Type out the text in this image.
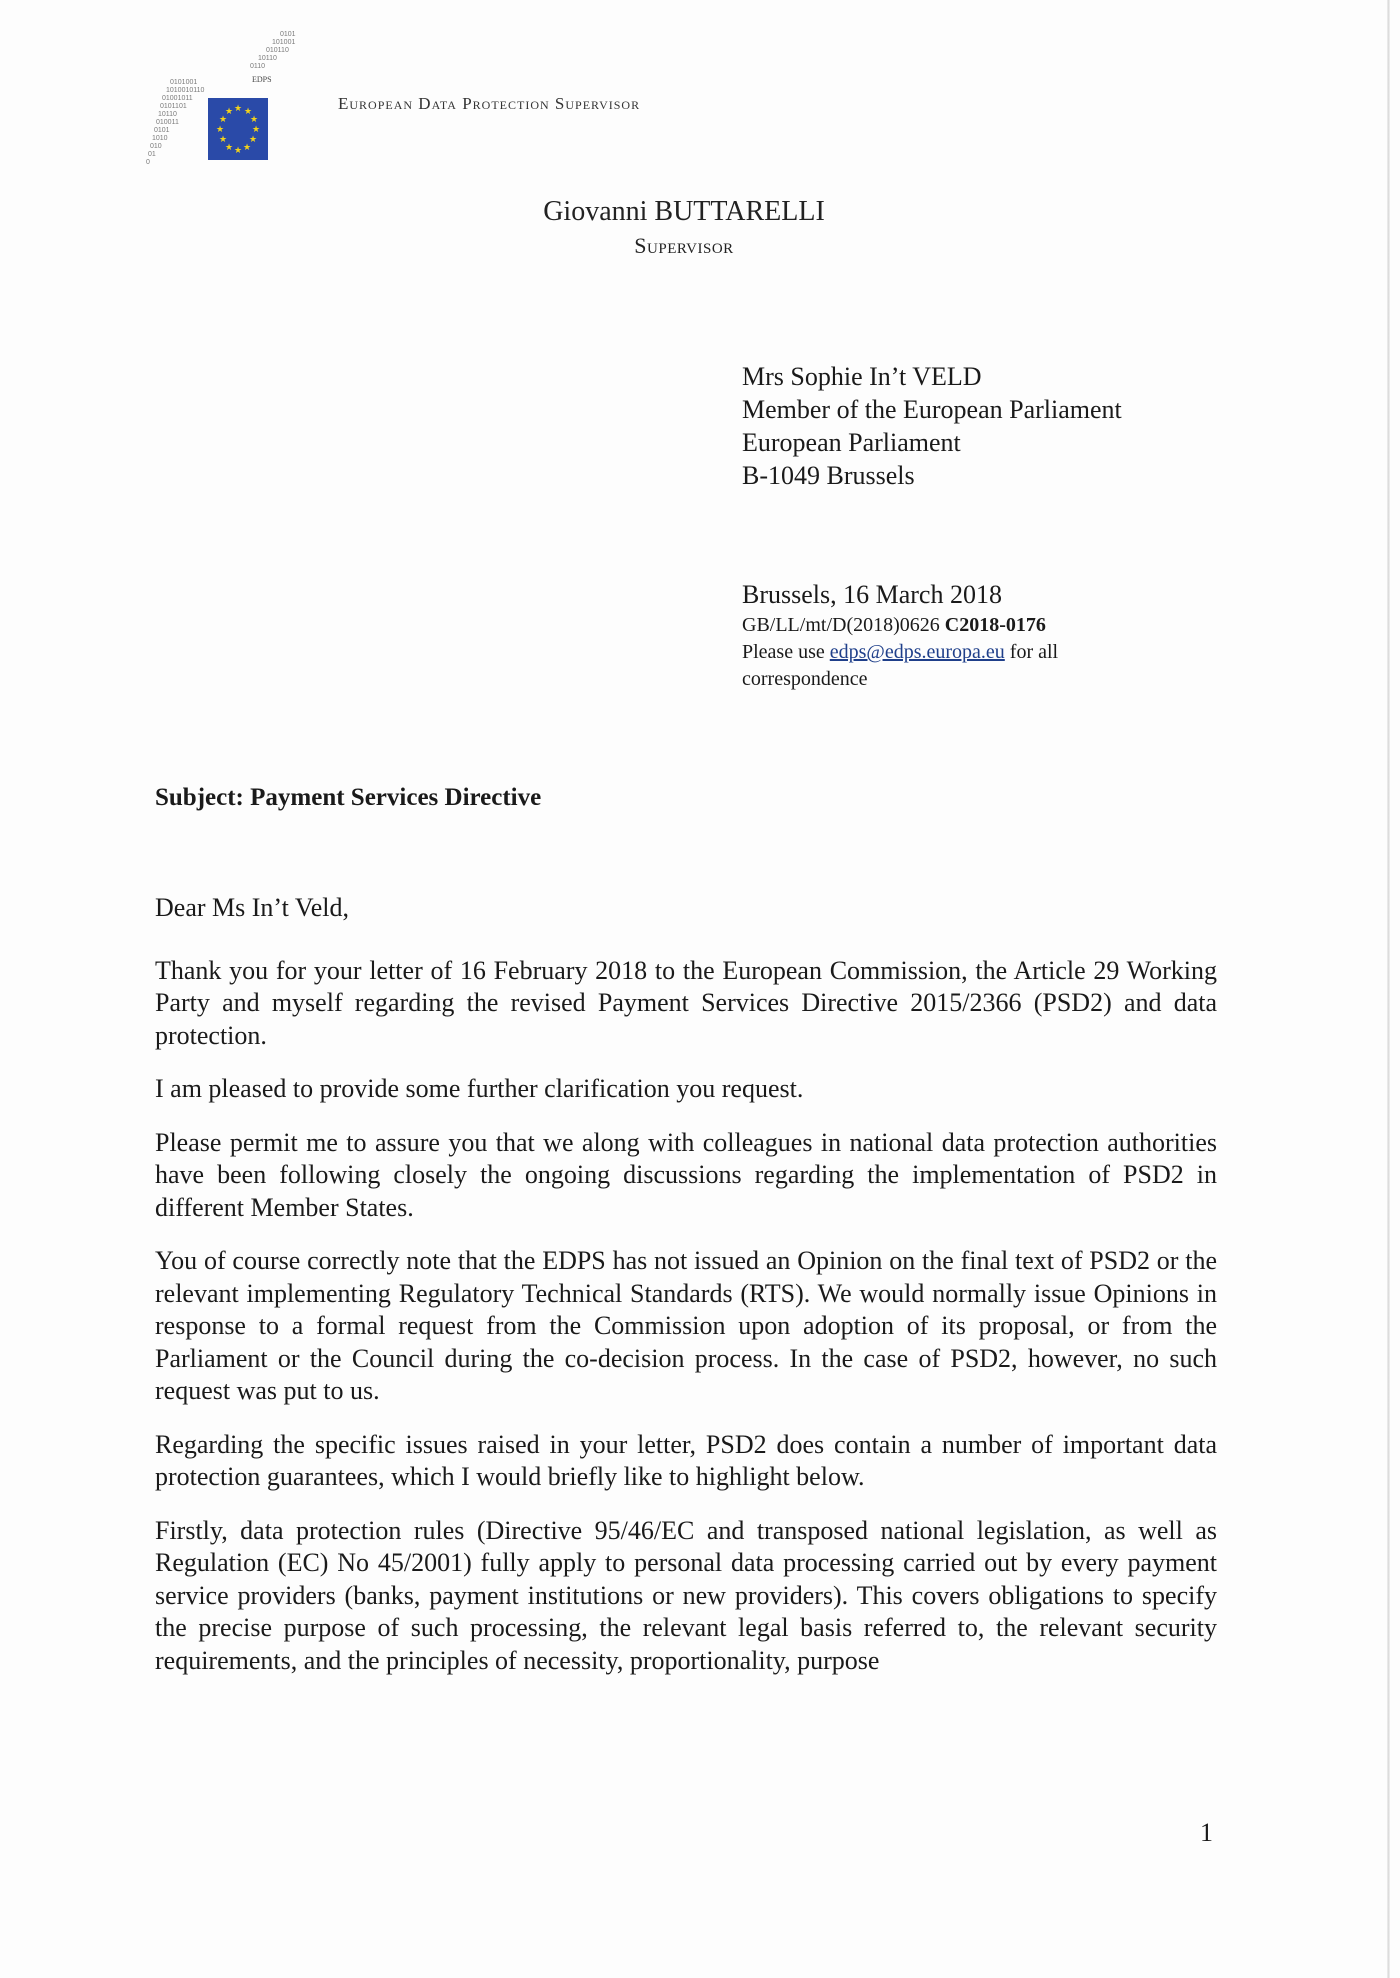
0101
101001
010110
10110
0110
0101001
1010010110
01001011
0101101
10110
010011
0101
1010
010
01
0
EDPS
★ ★
★
★
★
★
★
★
★
★
★
★	European Data Protection Supervisor
Giovanni BUTTARELLI
Supervisor
Mrs Sophie In’t VELD
Member of the European Parliament
European Parliament
B-1049 Brussels
Brussels, 16 March 2018
GB/LL/mt/D(2018)0626 C2018-0176
Please use edps@edps.europa.eu for all
correspondence
Subject: Payment Services Directive

Dear Ms In’t Veld,

Thank you for your letter of 16 February 2018 to the European Commission, the Article 29 Working Party and myself regarding the revised Payment Services Directive 2015/2366 (PSD2) and data protection.

I am pleased to provide some further clarification you request.

Please permit me to assure you that we along with colleagues in national data protection authorities have been following closely the ongoing discussions regarding the implementation of PSD2 in different Member States.

You of course correctly note that the EDPS has not issued an Opinion on the final text of PSD2 or the relevant implementing Regulatory Technical Standards (RTS). We would normally issue Opinions in response to a formal request from the Commission upon adoption of its proposal, or from the Parliament or the Council during the co-decision process. In the case of PSD2, however, no such request was put to us.

Regarding the specific issues raised in your letter, PSD2 does contain a number of important data protection guarantees, which I would briefly like to highlight below.

Firstly, data protection rules (Directive 95/46/EC and transposed national legislation, as well as Regulation (EC) No 45/2001) fully apply to personal data processing carried out by every payment service providers (banks, payment institutions or new providers). This covers obligations to specify the precise purpose of such processing, the relevant legal basis referred to, the relevant security requirements, and the principles of necessity, proportionality, purpose

1
